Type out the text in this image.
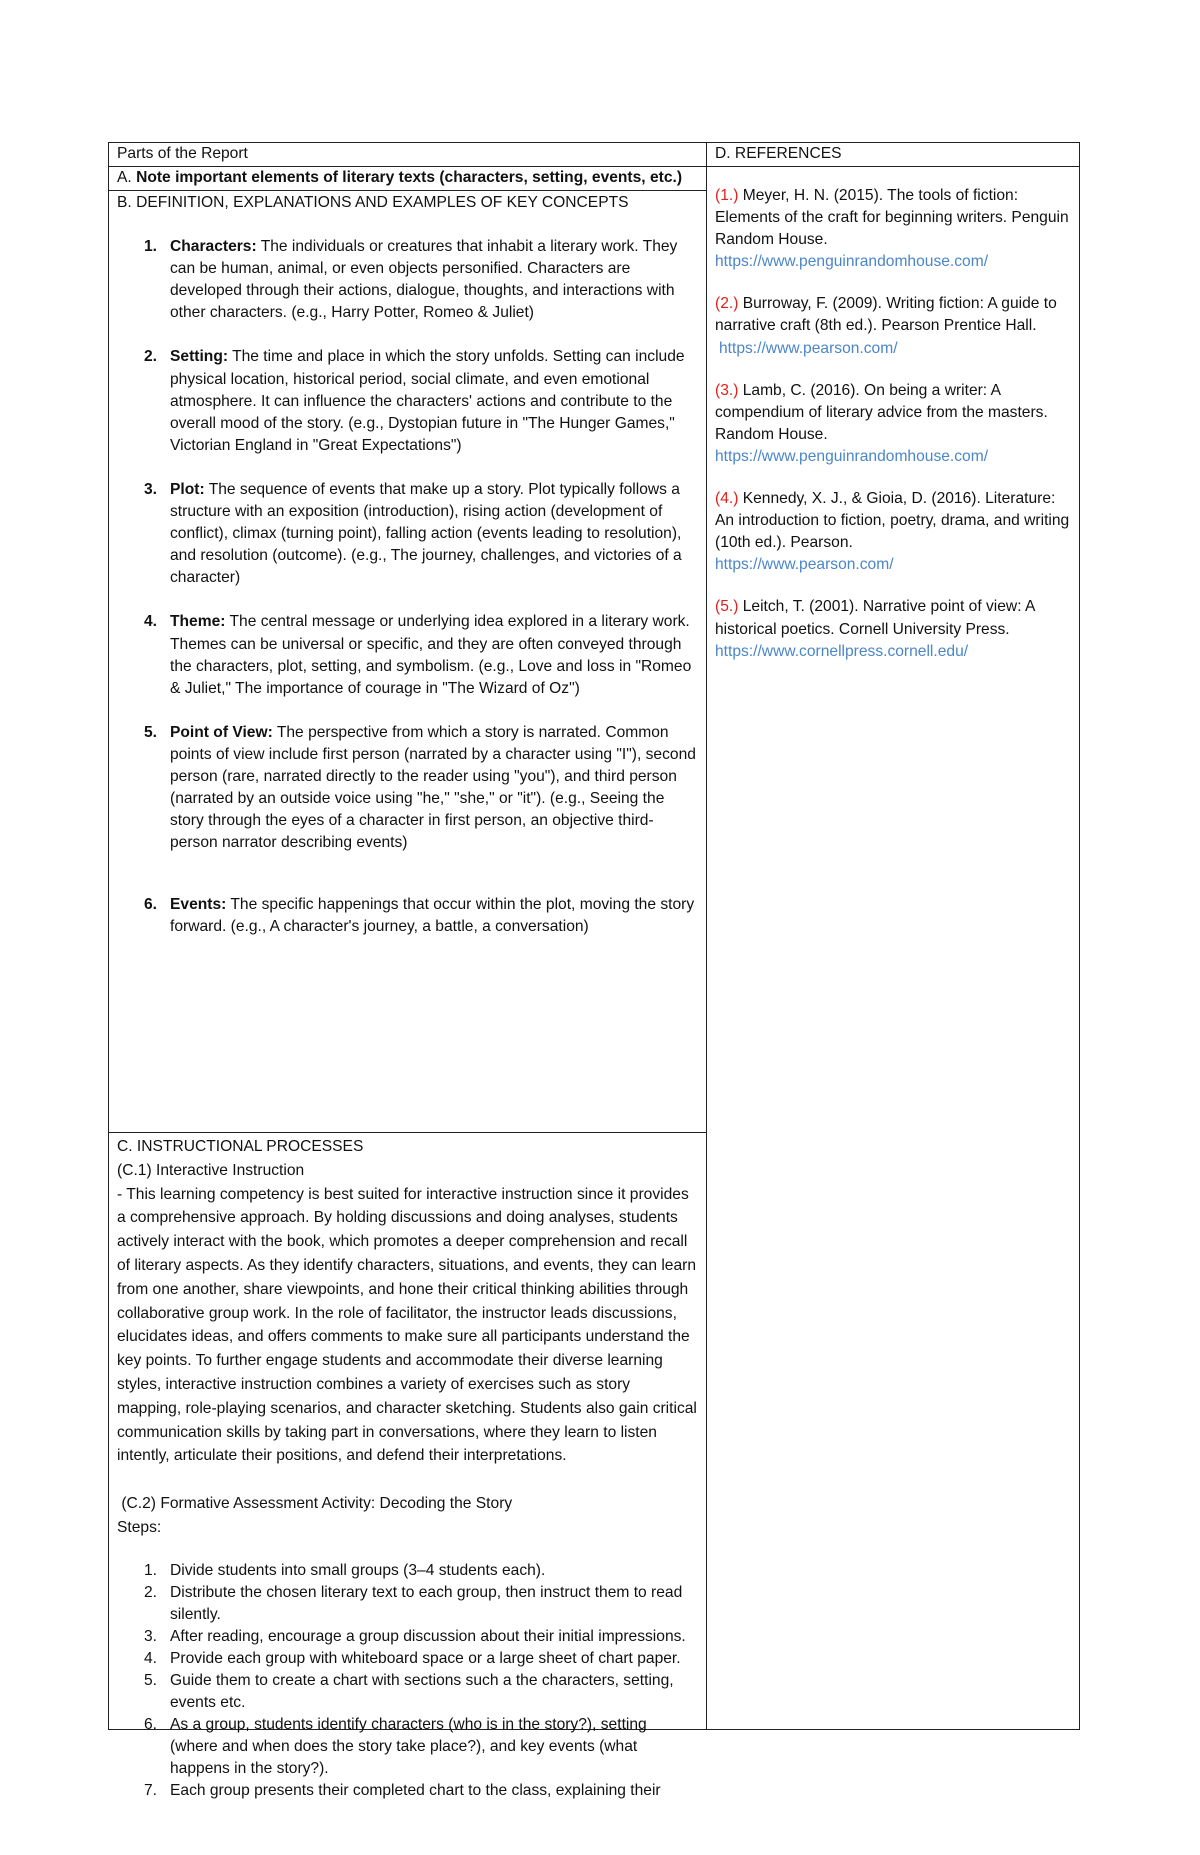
Parts of the Report
A. Note important elements of literary texts (characters, setting, events, etc.)
B. DEFINITION, EXPLANATIONS AND EXAMPLES OF KEY CONCEPTS
1. Characters: The individuals or creatures that inhabit a literary work. They can be human, animal, or even objects personified. Characters are developed through their actions, dialogue, thoughts, and interactions with other characters. (e.g., Harry Potter, Romeo & Juliet)
2. Setting: The time and place in which the story unfolds. Setting can include physical location, historical period, social climate, and even emotional atmosphere. It can influence the characters' actions and contribute to the overall mood of the story. (e.g., Dystopian future in "The Hunger Games," Victorian England in "Great Expectations")
3. Plot: The sequence of events that make up a story. Plot typically follows a structure with an exposition (introduction), rising action (development of conflict), climax (turning point), falling action (events leading to resolution), and resolution (outcome). (e.g., The journey, challenges, and victories of a character)
4. Theme: The central message or underlying idea explored in a literary work. Themes can be universal or specific, and they are often conveyed through the characters, plot, setting, and symbolism. (e.g., Love and loss in "Romeo & Juliet," The importance of courage in "The Wizard of Oz")
5. Point of View: The perspective from which a story is narrated. Common points of view include first person (narrated by a character using "I"), second person (rare, narrated directly to the reader using "you"), and third person (narrated by an outside voice using "he," "she," or "it"). (e.g., Seeing the story through the eyes of a character in first person, an objective third-person narrator describing events)
6. Events: The specific happenings that occur within the plot, moving the story forward. (e.g., A character's journey, a battle, a conversation)
C. INSTRUCTIONAL PROCESSES
(C.1) Interactive Instruction
- This learning competency is best suited for interactive instruction since it provides a comprehensive approach. By holding discussions and doing analyses, students actively interact with the book, which promotes a deeper comprehension and recall of literary aspects. As they identify characters, situations, and events, they can learn from one another, share viewpoints, and hone their critical thinking abilities through collaborative group work. In the role of facilitator, the instructor leads discussions, elucidates ideas, and offers comments to make sure all participants understand the key points. To further engage students and accommodate their diverse learning styles, interactive instruction combines a variety of exercises such as story mapping, role-playing scenarios, and character sketching. Students also gain critical communication skills by taking part in conversations, where they learn to listen intently, articulate their positions, and defend their interpretations.
(C.2) Formative Assessment Activity: Decoding the Story
Steps:
1. Divide students into small groups (3–4 students each).
2. Distribute the chosen literary text to each group, then instruct them to read silently.
3. After reading, encourage a group discussion about their initial impressions.
4. Provide each group with whiteboard space or a large sheet of chart paper.
5. Guide them to create a chart with sections such a the characters, setting, events etc.
6. As a group, students identify characters (who is in the story?), setting (where and when does the story take place?), and key events (what happens in the story?).
7. Each group presents their completed chart to the class, explaining their
D. REFERENCES
(1.) Meyer, H. N. (2015). The tools of fiction: Elements of the craft for beginning writers. Penguin Random House.
https://www.penguinrandomhouse.com/
(2.) Burroway, F. (2009). Writing fiction: A guide to narrative craft (8th ed.). Pearson Prentice Hall.
https://www.pearson.com/
(3.) Lamb, C. (2016). On being a writer: A compendium of literary advice from the masters. Random House.
https://www.penguinrandomhouse.com/
(4.) Kennedy, X. J., & Gioia, D. (2016). Literature: An introduction to fiction, poetry, drama, and writing (10th ed.). Pearson.
https://www.pearson.com/
(5.) Leitch, T. (2001). Narrative point of view: A historical poetics. Cornell University Press.
https://www.cornellpress.cornell.edu/
